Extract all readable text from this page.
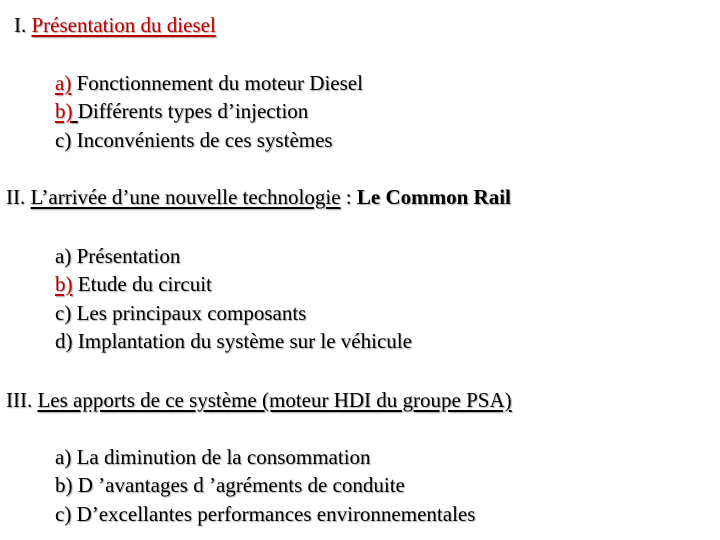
I. Présentation du diesel
a) Fonctionnement du moteur Diesel
b) Différents types d’injection
c) Inconvénients de ces systèmes
II. L’arrivée d’une nouvelle technologie : Le Common Rail
a) Présentation
b) Etude du circuit
c) Les principaux composants
d) Implantation du système sur le véhicule
III. Les apports de ce système (moteur HDI du groupe PSA)
a) La diminution de la consommation
b) D ’avantages d ’agréments de conduite
c) D’excellantes performances environnementales
